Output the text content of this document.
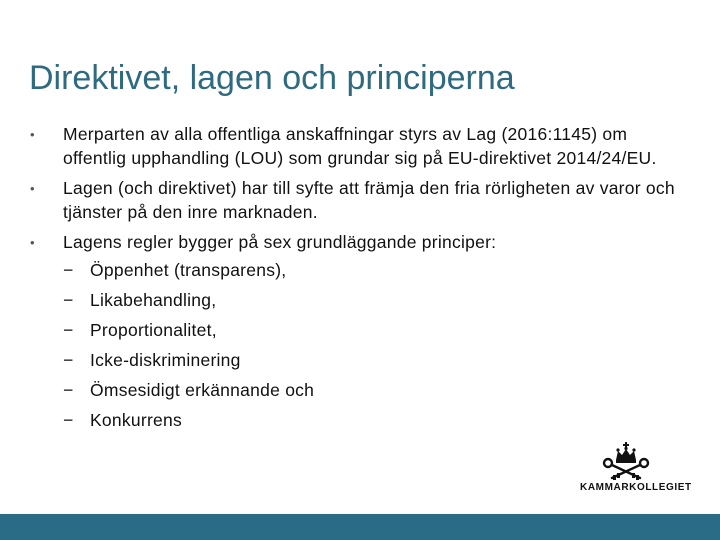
Direktivet, lagen och principerna
• Merparten av alla offentliga anskaffningar styrs av Lag (2016:1145) om offentlig upphandling (LOU) som grundar sig på EU-direktivet 2014/24/EU.
• Lagen (och direktivet) har till syfte att främja den fria rörligheten av varor och tjänster på den inre marknaden.
• Lagens regler bygger på sex grundläggande principer:
− Öppenhet (transparens),
− Likabehandling,
− Proportionalitet,
− Icke-diskriminering
− Ömsesidigt erkännande och
− Konkurrens
KAMMARKOLLEGIET
